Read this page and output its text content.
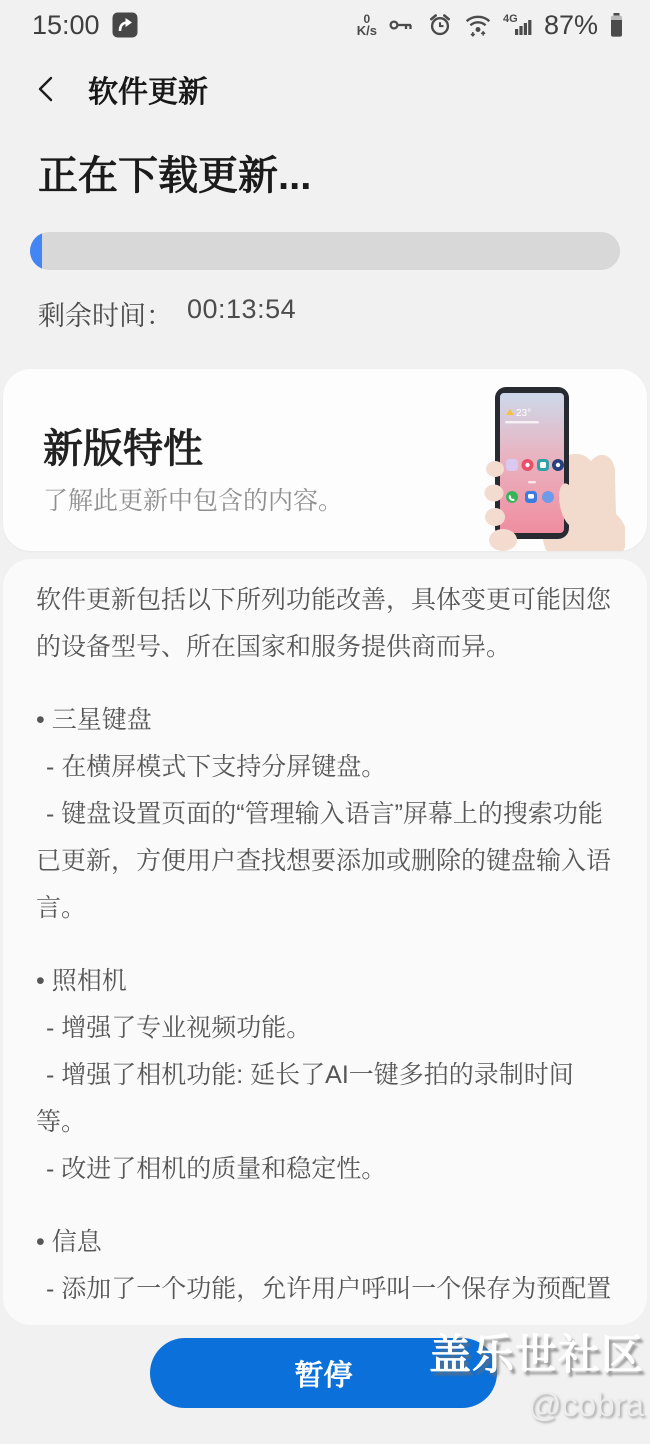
15:00	0
K/s
4G 87%
软件更新
正在下载更新...
剩余时间： 00:13:54
新版特性
了解此更新中包含的内容。
23°
软件更新包括以下所列功能改善，具体变更可能因您的设备型号、所在国家和服务提供商而异。
• 三星键盘
- 在横屏模式下支持分屏键盘。
- 键盘设置页面的“管理输入语言”屏幕上的搜索功能已更新，方便用户查找想要添加或删除的键盘输入语言。
• 照相机
- 增强了专业视频功能。
- 增强了相机功能: 延长了AI一键多拍的录制时间等。
- 改进了相机的质量和稳定性。
• 信息
- 添加了一个功能，允许用户呼叫一个保存为预配置
暂停	盖乐世社区
@cobra
